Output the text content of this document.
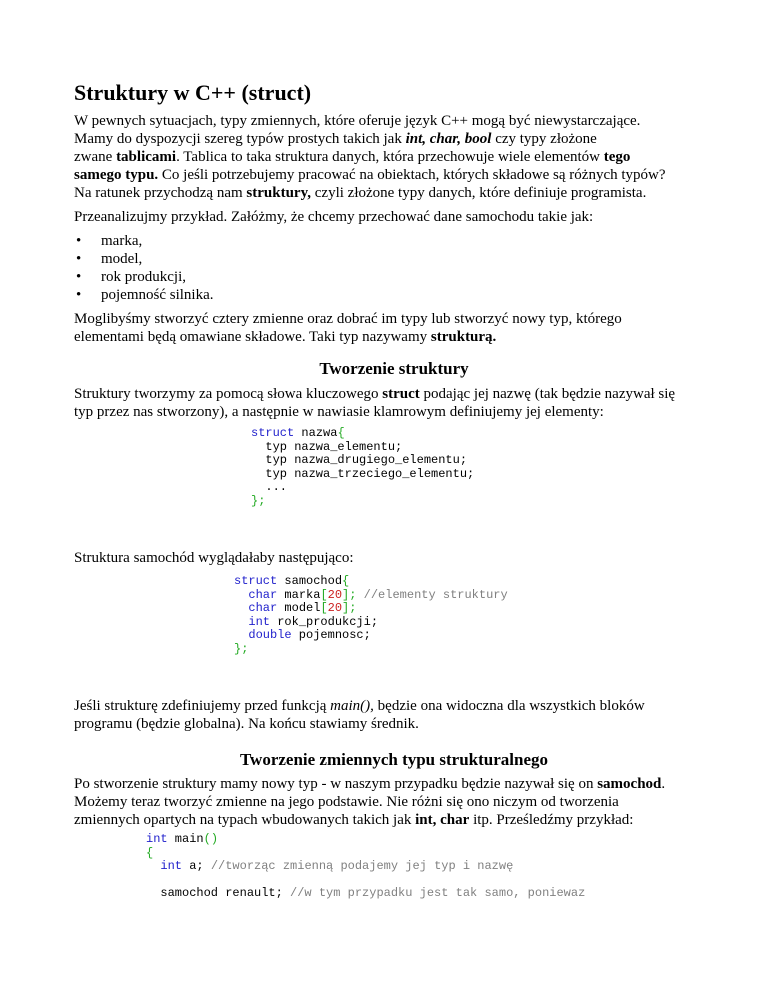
Struktury w C++ (struct)

W pewnych sytuacjach, typy zmiennych, które oferuje język C++ mogą być niewystarczające.
Mamy do dyspozycji szereg typów prostych takich jak int, char, bool czy typy złożone
zwane tablicami. Tablica to taka struktura danych, która przechowuje wiele elementów tego
samego typu. Co jeśli potrzebujemy pracować na obiektach, których składowe są różnych typów?
Na ratunek przychodzą nam struktury, czyli złożone typy danych, które definiuje programista.

Przeanalizujmy przykład. Załóżmy, że chcemy przechować dane samochodu takie jak:

• marka,
• model,
• rok produkcji,
• pojemność silnika.

Moglibyśmy stworzyć cztery zmienne oraz dobrać im typy lub stworzyć nowy typ, którego
elementami będą omawiane składowe. Taki typ nazywamy strukturą.

Tworzenie struktury

Struktury tworzymy za pomocą słowa kluczowego struct podając jej nazwę (tak będzie nazywał się
typ przez nas stworzony), a następnie w nawiasie klamrowym definiujemy jej elementy:

struct nazwa{
typ nazwa_elementu;
typ nazwa_drugiego_elementu;
typ nazwa_trzeciego_elementu;
...
};

Struktura samochód wyglądałaby następująco:

struct samochod{
char marka[20]; //elementy struktury
char model[20];
int rok_produkcji;
double pojemnosc;
};

Jeśli strukturę zdefiniujemy przed funkcją main(), będzie ona widoczna dla wszystkich bloków
programu (będzie globalna). Na końcu stawiamy średnik.

Tworzenie zmiennych typu strukturalnego

Po stworzenie struktury mamy nowy typ - w naszym przypadku będzie nazywał się on samochod.
Możemy teraz tworzyć zmienne na jego podstawie. Nie różni się ono niczym od tworzenia
zmiennych opartych na typach wbudowanych takich jak int, char itp. Prześledźmy przykład:

int main()
{
int a; //tworząc zmienną podajemy jej typ i nazwę

samochod renault; //w tym przypadku jest tak samo, poniewaz
